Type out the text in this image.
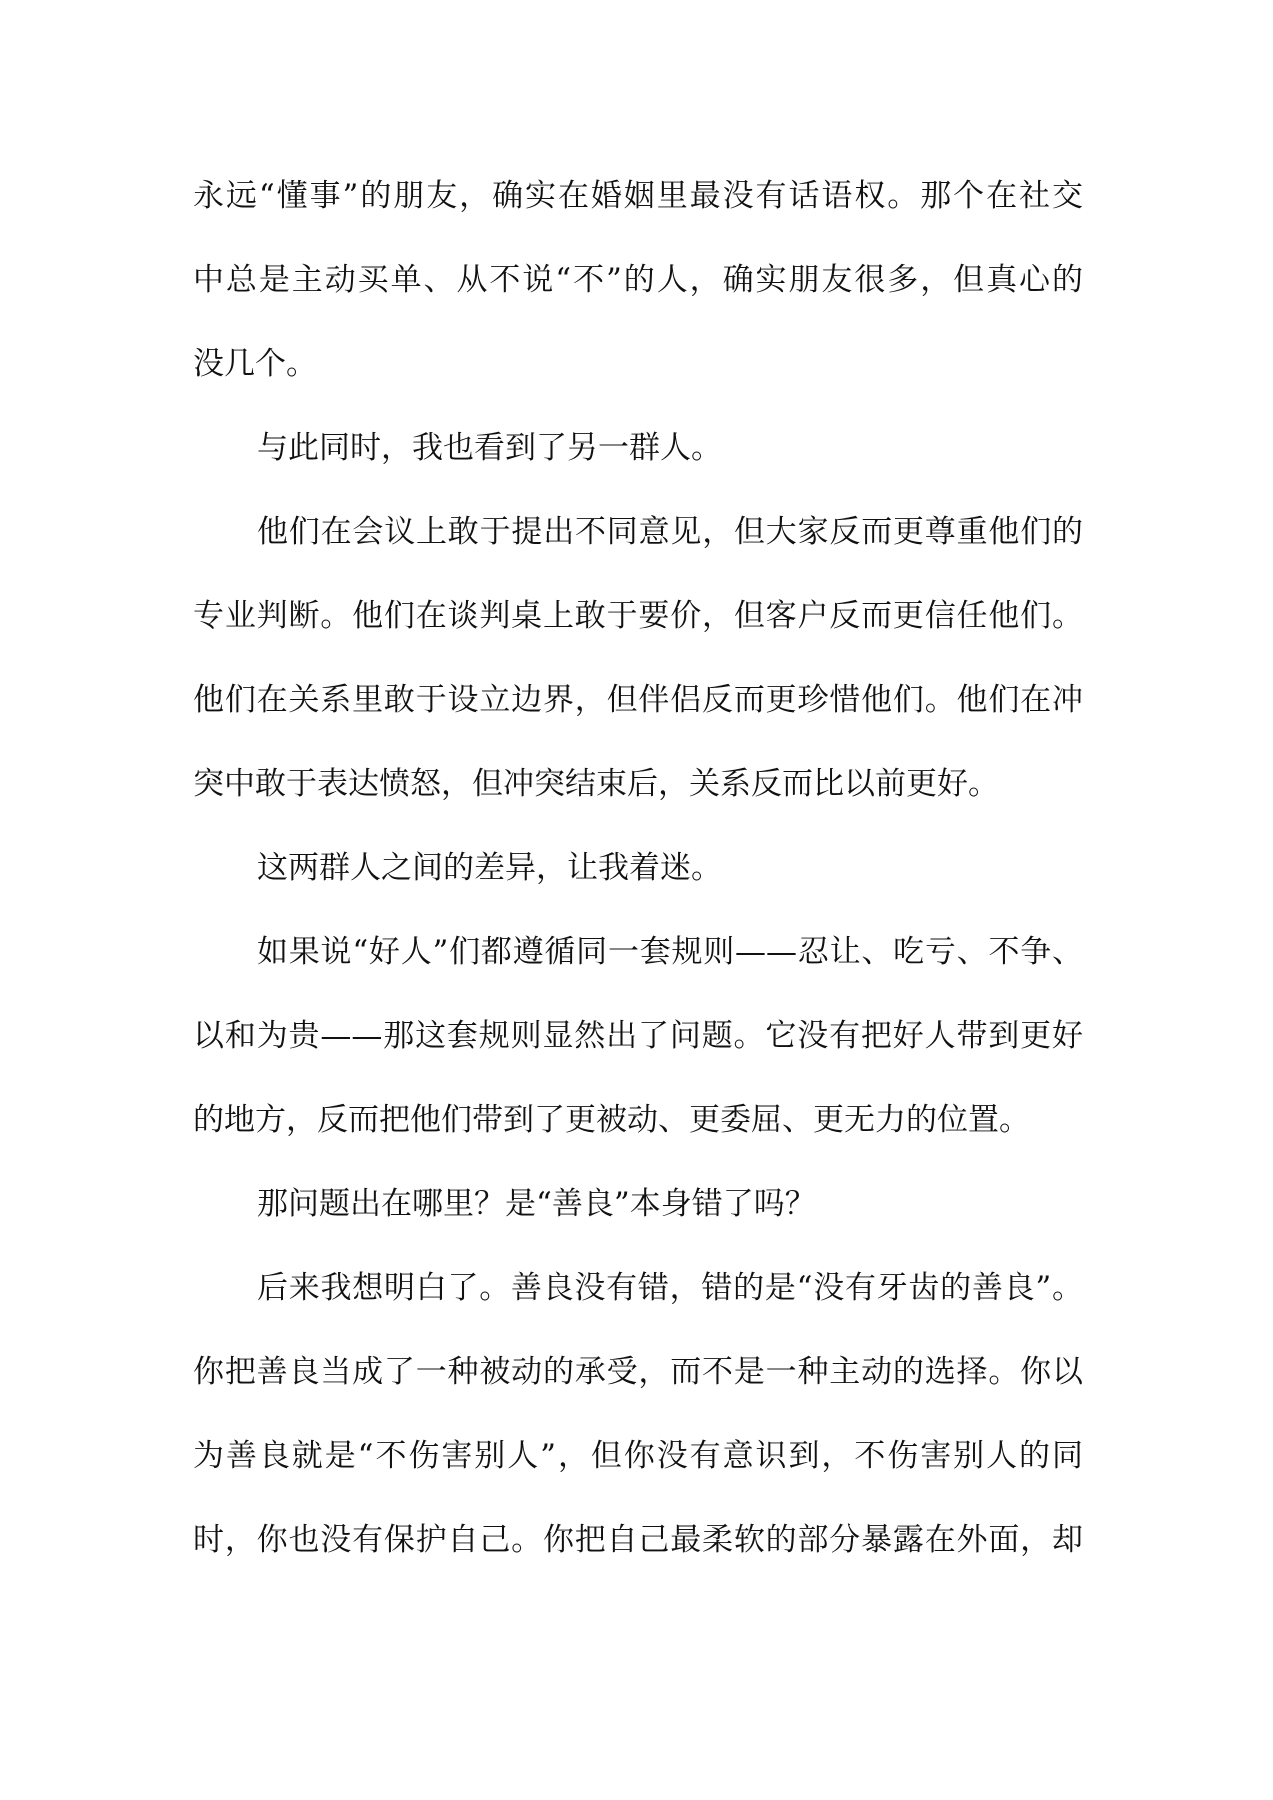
永远“懂事”的朋友，确实在婚姻里最没有话语权。那个在社交
中总是主动买单、从不说“不”的人，确实朋友很多，但真心的
没几个。
与此同时，我也看到了另一群人。
他们在会议上敢于提出不同意见，但大家反而更尊重他们的
专业判断。他们在谈判桌上敢于要价，但客户反而更信任他们。
他们在关系里敢于设立边界，但伴侣反而更珍惜他们。他们在冲
突中敢于表达愤怒，但冲突结束后，关系反而比以前更好。
这两群人之间的差异，让我着迷。
如果说“好人”们都遵循同一套规则——忍让、吃亏、不争、
以和为贵——那这套规则显然出了问题。它没有把好人带到更好
的地方，反而把他们带到了更被动、更委屈、更无力的位置。
那问题出在哪里？是“善良”本身错了吗？
后来我想明白了。善良没有错，错的是“没有牙齿的善良”。
你把善良当成了一种被动的承受，而不是一种主动的选择。你以
为善良就是“不伤害别人”，但你没有意识到，不伤害别人的同
时，你也没有保护自己。你把自己最柔软的部分暴露在外面，却
